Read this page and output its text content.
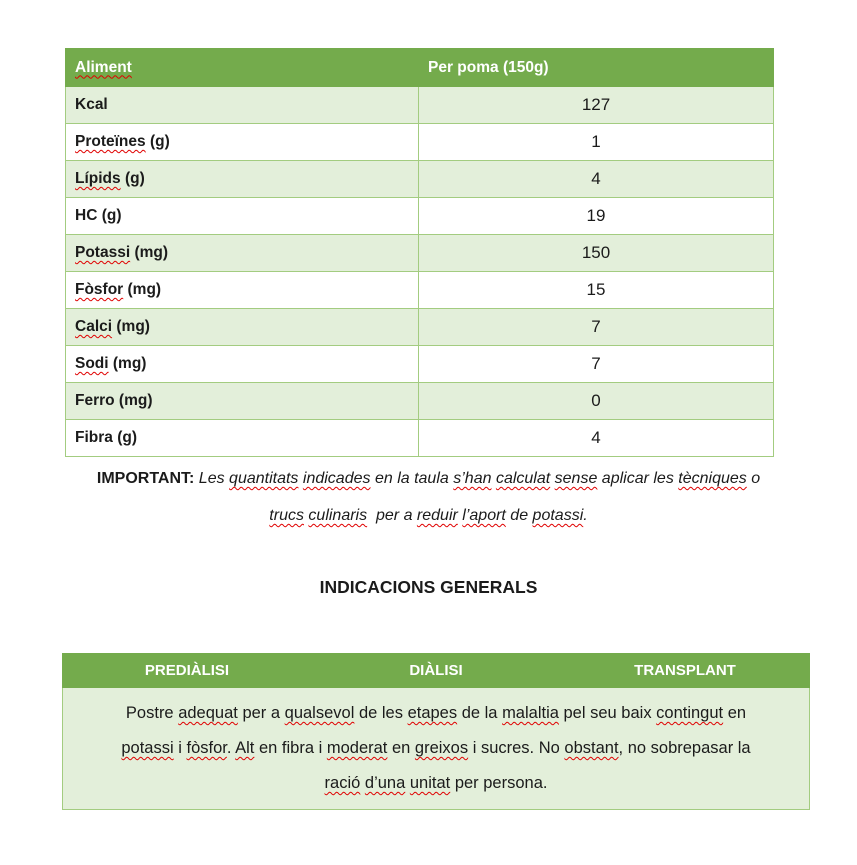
Aliment	Per poma (150g)
Kcal	127
Proteïnes (g)	1
Lípids (g)	4
HC (g)	19
Potassi (mg)	150
Fòsfor (mg)	15
Calci (mg)	7
Sodi (mg)	7
Ferro (mg)	0
Fibra (g)	4
IMPORTANT: Les quantitats indicades en la taula s’han calculat sense aplicar les tècniques o
trucs culinaris  per a reduir l’aport de potassi.
INDICACIONS GENERALS
PREDIÀLISI	DIÀLISI	TRANSPLANT

Postre adequat per a qualsevol de les etapes de la malaltia pel seu baix contingut en
potassi i fòsfor. Alt en fibra i moderat en greixos i sucres. No obstant, no sobrepasar la
ració d’una unitat per persona.
